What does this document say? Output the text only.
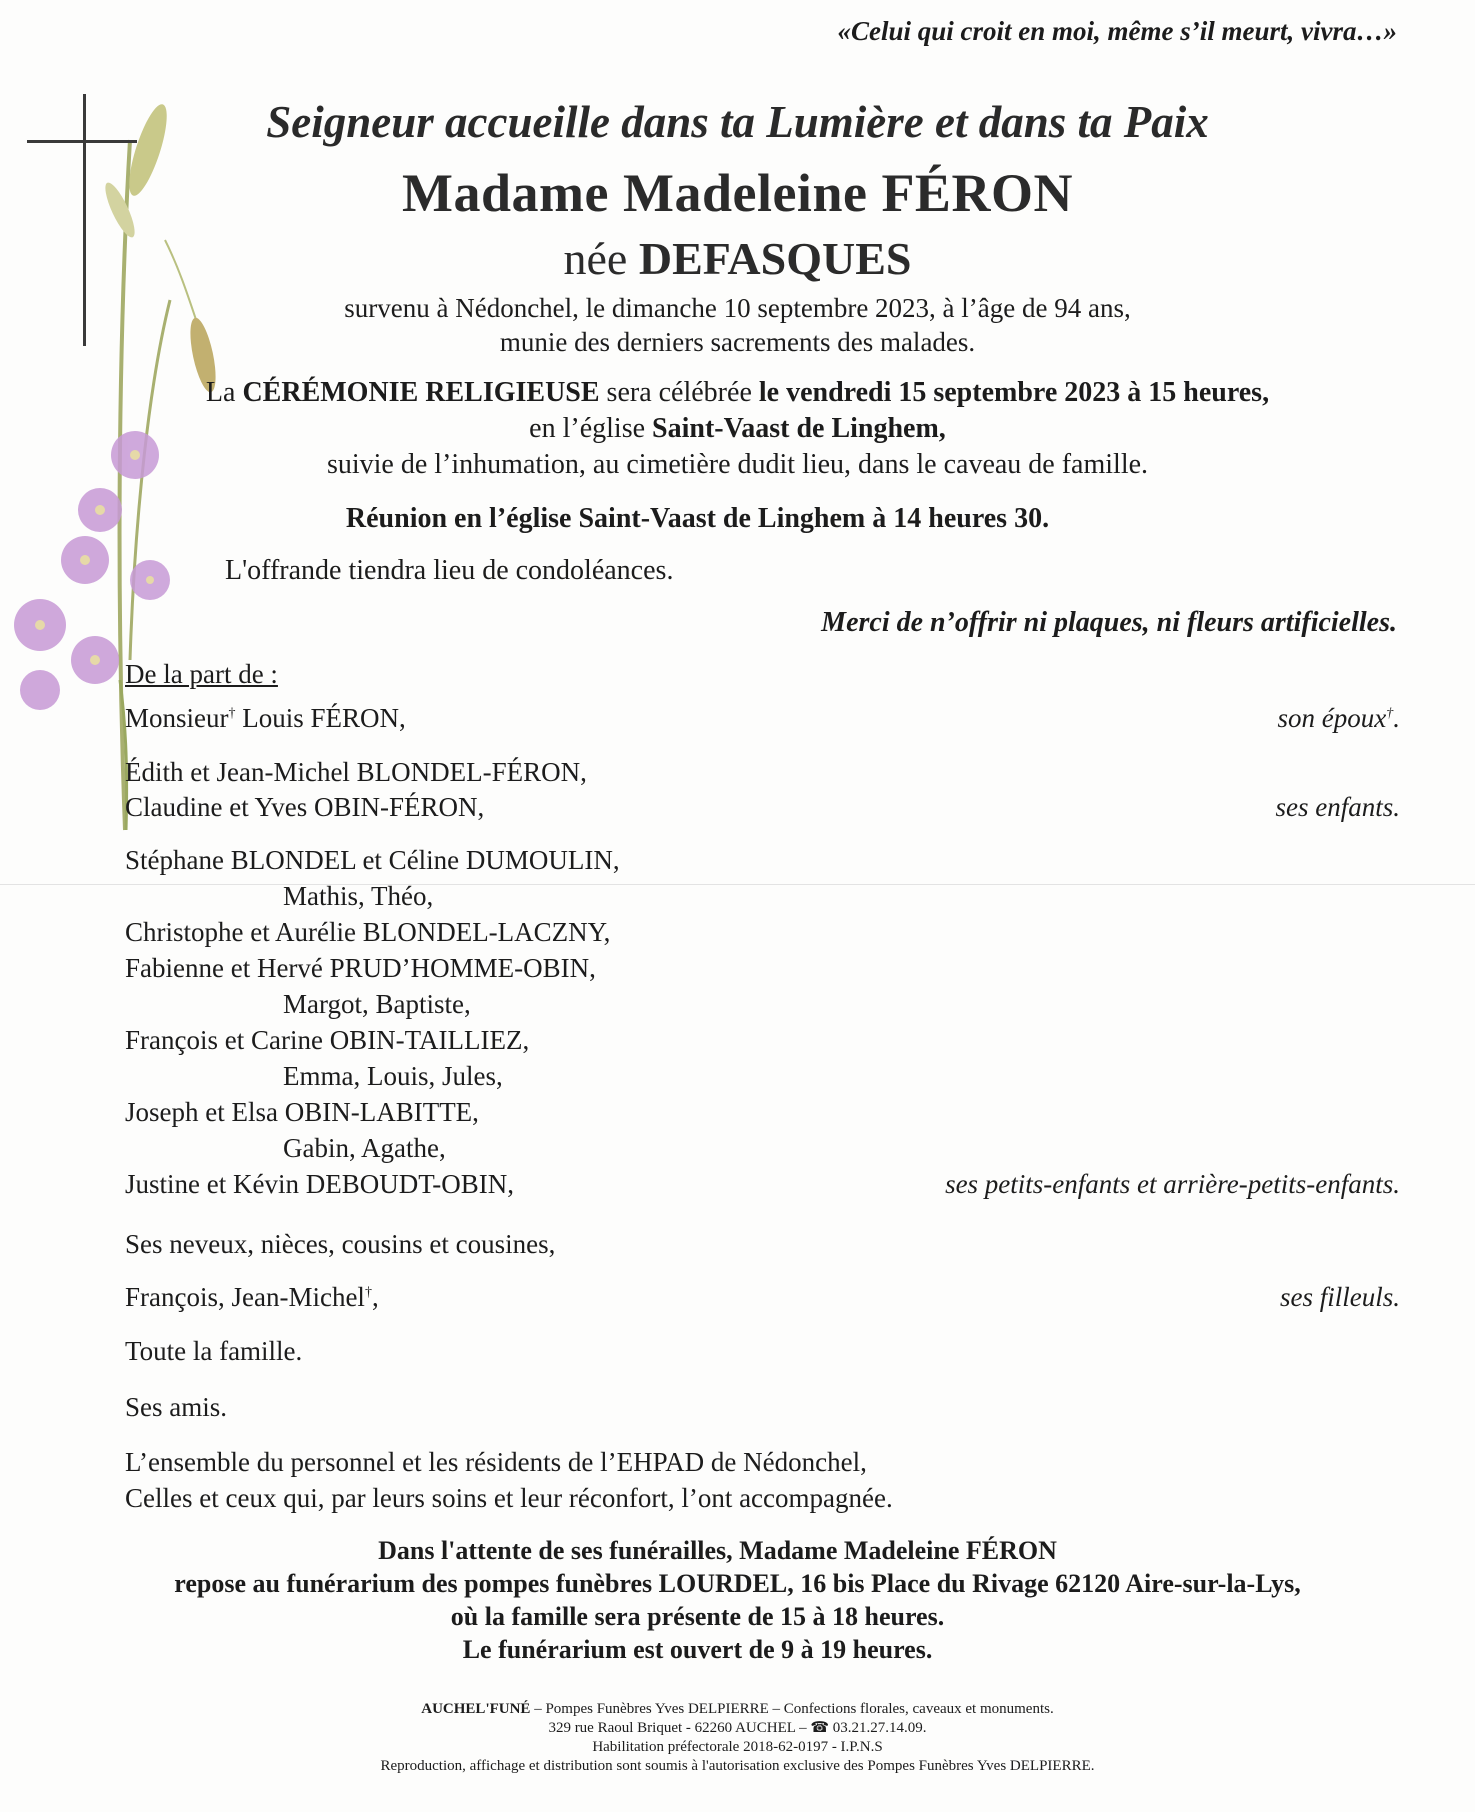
«Celui qui croit en moi, même s’il meurt, vivra…»
Seigneur accueille dans ta Lumière et dans ta Paix
Madame Madeleine FÉRON
née DEFASQUES
survenu à Nédonchel, le dimanche 10 septembre 2023, à l’âge de 94 ans,
munie des derniers sacrements des malades.
La CÉRÉMONIE RELIGIEUSE sera célébrée le vendredi 15 septembre 2023 à 15 heures,
en l’église Saint-Vaast de Linghem,
suivie de l’inhumation, au cimetière dudit lieu, dans le caveau de famille.
Réunion en l’église Saint-Vaast de Linghem à 14 heures 30.
L'offrande tiendra lieu de condoléances.
Merci de n’offrir ni plaques, ni fleurs artificielles.
De la part de :
Monsieur† Louis FÉRON,	son époux†.
Édith et Jean-Michel BLONDEL-FÉRON,
Claudine et Yves OBIN-FÉRON,	ses enfants.
Stéphane BLONDEL et Céline DUMOULIN,
Mathis, Théo,
Christophe et Aurélie BLONDEL-LACZNY,
Fabienne et Hervé PRUD’HOMME-OBIN,
Margot, Baptiste,
François et Carine OBIN-TAILLIEZ,
Emma, Louis, Jules,
Joseph et Elsa OBIN-LABITTE,
Gabin, Agathe,
Justine et Kévin DEBOUDT-OBIN,	ses petits-enfants et arrière-petits-enfants.
Ses neveux, nièces, cousins et cousines,
François, Jean-Michel†,	ses filleuls.
Toute la famille.
Ses amis.
L’ensemble du personnel et les résidents de l’EHPAD de Nédonchel,
Celles et ceux qui, par leurs soins et leur réconfort, l’ont accompagnée.
Dans l'attente de ses funérailles, Madame Madeleine FÉRON
repose au funérarium des pompes funèbres LOURDEL, 16 bis Place du Rivage 62120 Aire-sur-la-Lys,
où la famille sera présente de 15 à 18 heures.
Le funérarium est ouvert de 9 à 19 heures.
AUCHEL'FUNÉ – Pompes Funèbres Yves DELPIERRE – Confections florales, caveaux et monuments.
329 rue Raoul Briquet - 62260 AUCHEL – ☎ 03.21.27.14.09.
Habilitation préfectorale 2018-62-0197 - I.P.N.S
Reproduction, affichage et distribution sont soumis à l'autorisation exclusive des Pompes Funèbres Yves DELPIERRE.
